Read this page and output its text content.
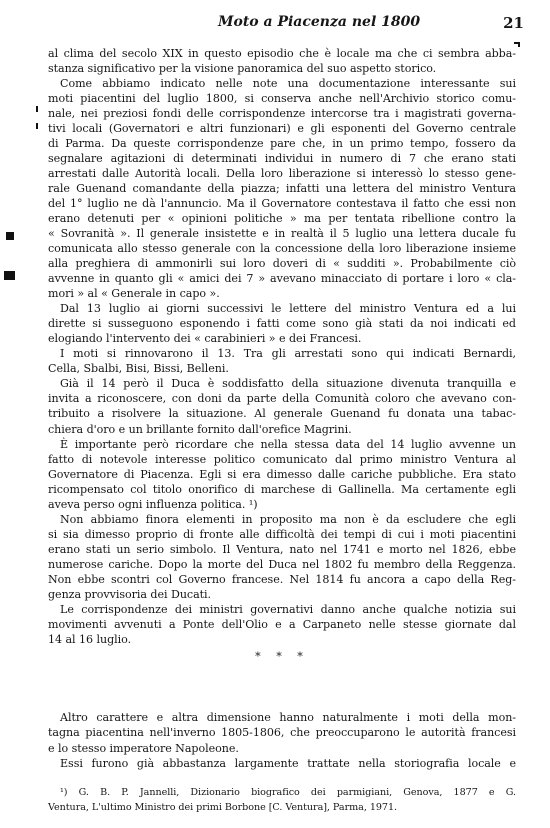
Moto a Piacenza nel 1800	21
al clima del secolo XIX in questo episodio che è locale ma che ci sembra abba-
stanza significativo per la visione panoramica del suo aspetto storico.
Come abbiamo indicato nelle note una documentazione interessante sui
moti piacentini del luglio 1800, si conserva anche nell'Archivio storico comu-
nale, nei preziosi fondi delle corrispondenze intercorse tra i magistrati governa-
tivi locali (Governatori e altri funzionari) e gli esponenti del Governo centrale
di Parma. Da queste corrispondenze pare che, in un primo tempo, fossero da
segnalare agitazioni di determinati individui in numero di 7 che erano stati
arrestati dalle Autorità locali. Della loro liberazione si interessò lo stesso gene-
rale Guenand comandante della piazza; infatti una lettera del ministro Ventura
del 1° luglio ne dà l'annuncio. Ma il Governatore contestava il fatto che essi non
erano detenuti per « opinioni politiche » ma per tentata ribellione contro la
« Sovranità ». Il generale insistette e in realtà il 5 luglio una lettera ducale fu
comunicata allo stesso generale con la concessione della loro liberazione insieme
alla preghiera di ammonirli sui loro doveri di « sudditi ». Probabilmente ciò
avvenne in quanto gli « amici dei 7 » avevano minacciato di portare i loro « cla-
mori » al « Generale in capo ».
Dal 13 luglio ai giorni successivi le lettere del ministro Ventura ed a lui
dirette si susseguono esponendo i fatti come sono già stati da noi indicati ed
elogiando l'intervento dei « carabinieri » e dei Francesi.
I moti si rinnovarono il 13. Tra gli arrestati sono qui indicati Bernardi,
Cella, Sbalbi, Bisi, Bissi, Belleni.
Già il 14 però il Duca è soddisfatto della situazione divenuta tranquilla e
invita a riconoscere, con doni da parte della Comunità coloro che avevano con-
tribuito a risolvere la situazione. Al generale Guenand fu donata una tabac-
chiera d'oro e un brillante fornito dall'orefice Magrini.
È importante però ricordare che nella stessa data del 14 luglio avvenne un
fatto di notevole interesse politico comunicato dal primo ministro Ventura al
Governatore di Piacenza. Egli si era dimesso dalle cariche pubbliche. Era stato
ricompensato col titolo onorifico di marchese di Gallinella. Ma certamente egli
aveva perso ogni influenza politica. ¹)
Non abbiamo finora elementi in proposito ma non è da escludere che egli
si sia dimesso proprio di fronte alle difficoltà dei tempi di cui i moti piacentini
erano stati un serio simbolo. Il Ventura, nato nel 1741 e morto nel 1826, ebbe
numerose cariche. Dopo la morte del Duca nel 1802 fu membro della Reggenza.
Non ebbe scontri col Governo francese. Nel 1814 fu ancora a capo della Reg-
genza provvisoria dei Ducati.
Le corrispondenze dei ministri governativi danno anche qualche notizia sui
movimenti avvenuti a Ponte dell'Olio e a Carpaneto nelle stesse giornate dal
14 al 16 luglio.
* * *
Altro carattere e altra dimensione hanno naturalmente i moti della mon-
tagna piacentina nell'inverno 1805-1806, che preoccuparono le autorità francesi
e lo stesso imperatore Napoleone.
Essi furono già abbastanza largamente trattate nella storiografia locale e
¹) G. B. P. Jannelli, Dizionario biografico dei parmigiani, Genova, 1877 e G.
Ventura, L'ultimo Ministro dei primi Borbone [C. Ventura], Parma, 1971.
